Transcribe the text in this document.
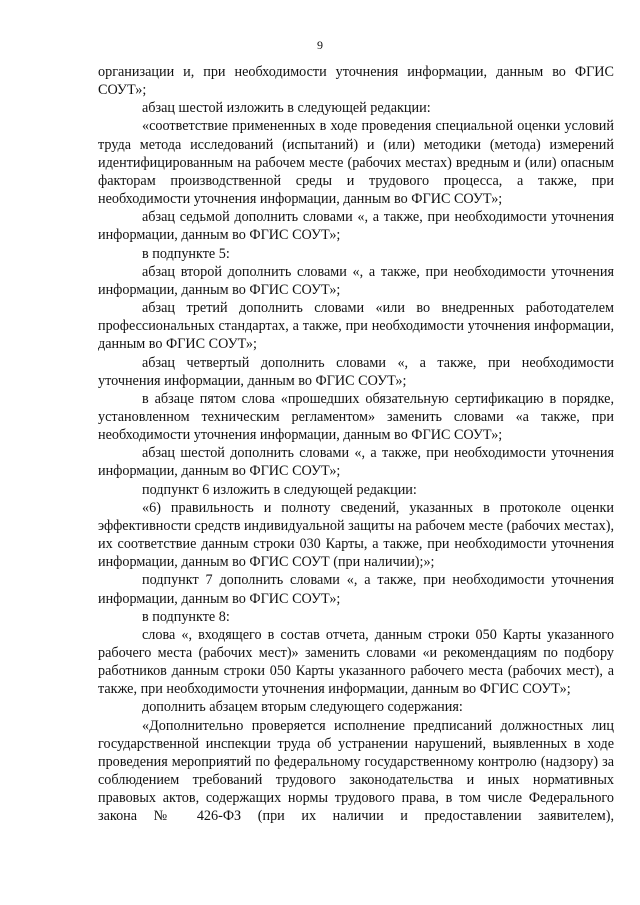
9

организации и, при необходимости уточнения информации, данным во ФГИС СОУТ»;

абзац шестой изложить в следующей редакции:

«соответствие примененных в ходе проведения специальной оценки условий труда метода исследований (испытаний) и (или) методики (метода) измерений идентифицированным на рабочем месте (рабочих местах) вредным и (или) опасным факторам производственной среды и трудового процесса, а также, при необходимости уточнения информации, данным во ФГИС СОУТ»;

абзац седьмой дополнить словами «, а также, при необходимости уточнения информации, данным во ФГИС СОУТ»;

в подпункте 5:

абзац второй дополнить словами «, а также, при необходимости уточнения информации, данным во ФГИС СОУТ»;

абзац третий дополнить словами «или во внедренных работодателем профессиональных стандартах, а также, при необходимости уточнения информации, данным во ФГИС СОУТ»;

абзац четвертый дополнить словами «, а также, при необходимости уточнения информации, данным во ФГИС СОУТ»;

в абзаце пятом слова «прошедших обязательную сертификацию в порядке, установленном техническим регламентом» заменить словами «а также, при необходимости уточнения информации, данным во ФГИС СОУТ»;

абзац шестой дополнить словами «, а также, при необходимости уточнения информации, данным во ФГИС СОУТ»;

подпункт 6 изложить в следующей редакции:

«6) правильность и полноту сведений, указанных в протоколе оценки эффективности средств индивидуальной защиты на рабочем месте (рабочих местах), их соответствие данным строки 030 Карты, а также, при необходимости уточнения информации, данным во ФГИС СОУТ (при наличии);»;

подпункт 7 дополнить словами «, а также, при необходимости уточнения информации, данным во ФГИС СОУТ»;

в подпункте 8:

слова «, входящего в состав отчета, данным строки 050 Карты указанного рабочего места (рабочих мест)» заменить словами «и рекомендациям по подбору работников данным строки 050 Карты указанного рабочего места (рабочих мест), а также, при необходимости уточнения информации, данным во ФГИС СОУТ»;

дополнить абзацем вторым следующего содержания:

«Дополнительно проверяется исполнение предписаний должностных лиц государственной инспекции труда об устранении нарушений, выявленных в ходе проведения мероприятий по федеральному государственному контролю (надзору) за соблюдением требований трудового законодательства и иных нормативных правовых актов, содержащих нормы трудового права, в том числе Федерального закона № 426-ФЗ (при их наличии и предоставлении заявителем),
